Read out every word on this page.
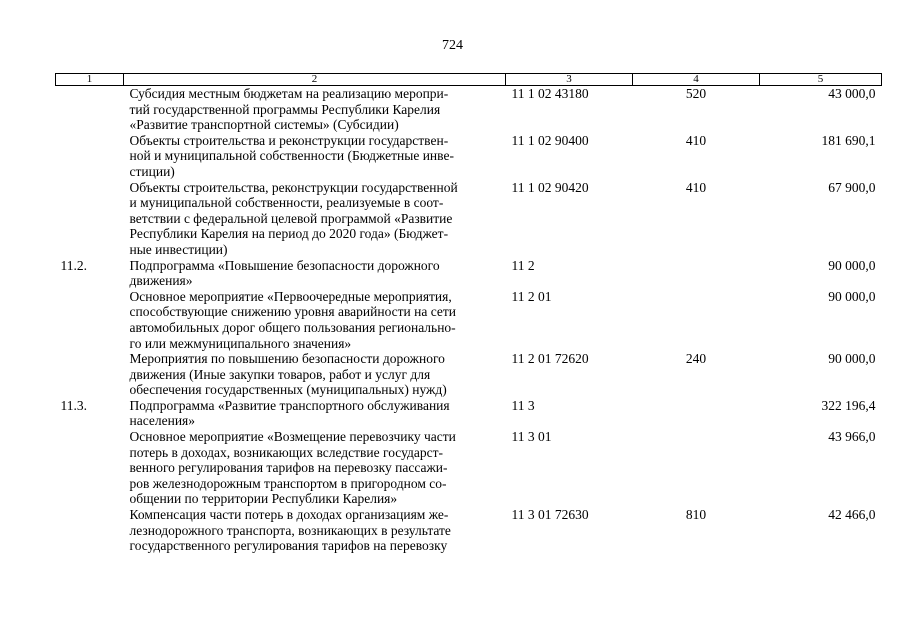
724
1	2	3	4	5

	Субсидия местным бюджетам на реализацию меропри-
тий государственной программы Республики Карелия
«Развитие транспортной системы» (Субсидии)	11 1 02 43180	520	43 000,0

	Объекты строительства и реконструкции государствен-
ной и муниципальной собственности (Бюджетные инве-
стиции)	11 1 02 90400	410	181 690,1

	Объекты строительства, реконструкции государственной
и муниципальной собственности, реализуемые в соот-
ветствии с федеральной целевой программой «Развитие
Республики Карелия на период до 2020 года» (Бюджет-
ные инвестиции)	11 1 02 90420	410	67 900,0
11.2.	Подпрограмма «Повышение безопасности дорожного
движения»	11 2		90 000,0

	Основное мероприятие «Первоочередные мероприятия,
способствующие снижению уровня аварийности на сети
автомобильных дорог общего пользования регионально-
го или межмуниципального значения»	11 2 01		90 000,0

	Мероприятия по повышению безопасности дорожного
движения (Иные закупки товаров, работ и услуг для
обеспечения государственных (муниципальных) нужд)	11 2 01 72620	240	90 000,0
11.3.	Подпрограмма «Развитие транспортного обслуживания
населения»	11 3		322 196,4

	Основное мероприятие «Возмещение перевозчику части
потерь в доходах, возникающих вследствие государст-
венного регулирования тарифов на перевозку пассажи-
ров железнодорожным транспортом в пригородном со-
общении по территории Республики Карелия»	11 3 01		43 966,0

	Компенсация части потерь в доходах организациям же-
лезнодорожного транспорта, возникающих в результате
государственного регулирования тарифов на перевозку	11 3 01 72630	810	42 466,0
